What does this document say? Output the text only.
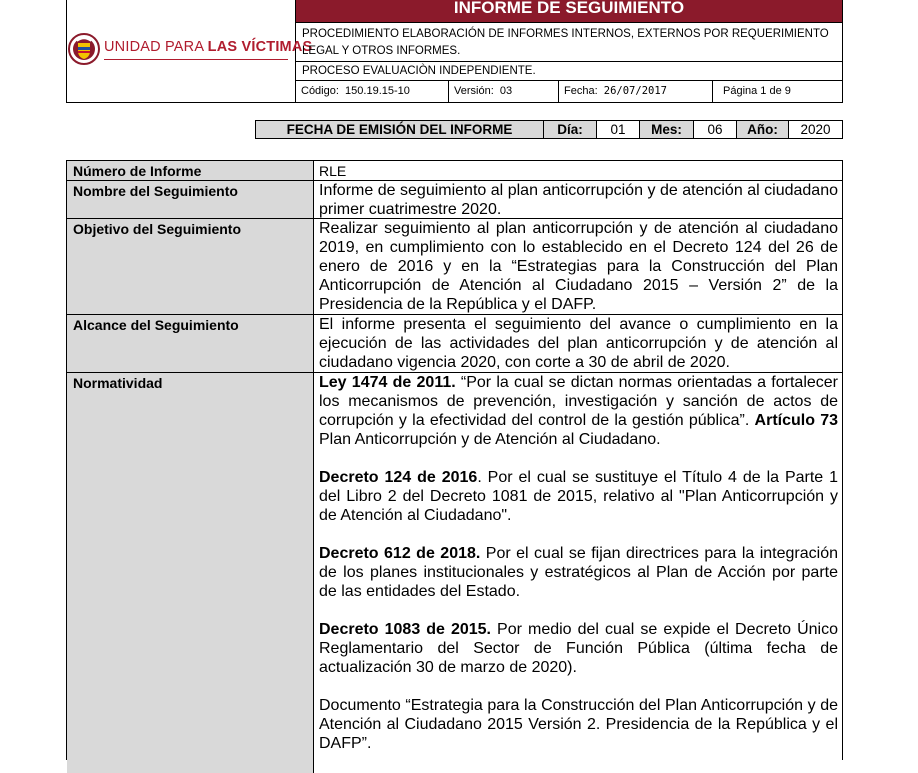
UNIDAD PARA LAS VÍCTIMAS
INFORME DE SEGUIMIENTO
PROCEDIMIENTO ELABORACIÓN DE INFORMES INTERNOS, EXTERNOS POR REQUERIMIENTO LEGAL Y OTROS INFORMES.
PROCESO EVALUACIÒN INDEPENDIENTE.
Código: 150.19.15-10	Versión: 03	Fecha: 26/07/2017	Página 1 de 9
FECHA DE EMISIÓN DEL INFORME	Día:	01	Mes:	06	Año:	2020
Número de Informe	RLE
Nombre del Seguimiento	Informe de seguimiento al plan anticorrupción y de atención al ciudadano primer cuatrimestre 2020.
Objetivo del Seguimiento	Realizar seguimiento al plan anticorrupción y de atención al ciudadano 2019, en cumplimiento con lo establecido en el Decreto 124 del 26 de enero de 2016 y en la “Estrategias para la Construcción del Plan Anticorrupción de Atención al Ciudadano 2015 – Versión 2” de la Presidencia de la República y el DAFP.
Alcance del Seguimiento	El informe presenta el seguimiento del avance o cumplimiento en la ejecución de las actividades del plan anticorrupción y de atención al ciudadano vigencia 2020, con corte a 30 de abril de 2020.
Normatividad	Ley 1474 de 2011. “Por la cual se dictan normas orientadas a fortalecer los mecanismos de prevención, investigación y sanción de actos de corrupción y la efectividad del control de la gestión pública”. Artículo 73 Plan Anticorrupción y de Atención al Ciudadano.

Decreto 124 de 2016. Por el cual se sustituye el Título 4 de la Parte 1 del Libro 2 del Decreto 1081 de 2015, relativo al "Plan Anticorrupción y de Atención al Ciudadano".

Decreto 612 de 2018. Por el cual se fijan directrices para la integración de los planes institucionales y estratégicos al Plan de Acción por parte de las entidades del Estado.

Decreto 1083 de 2015. Por medio del cual se expide el Decreto Único Reglamentario del Sector de Función Pública (última fecha de actualización 30 de marzo de 2020).

Documento “Estrategia para la Construcción del Plan Anticorrupción y de Atención al Ciudadano 2015 Versión 2. Presidencia de la República y el DAFP”.
